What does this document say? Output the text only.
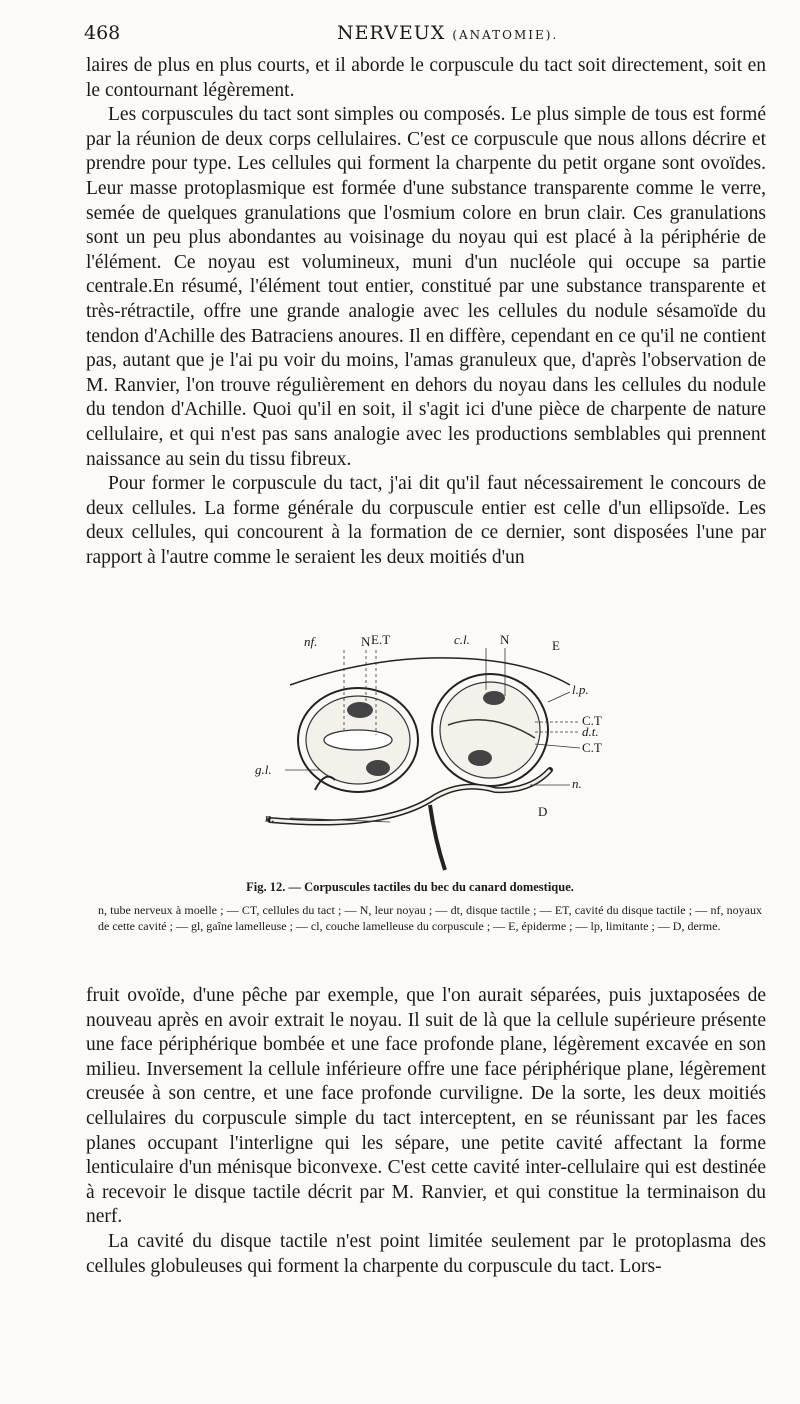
468	NERVEUX (ANATOMIE).

laires de plus en plus courts, et il aborde le corpuscule du tact soit directement, soit en le contournant légèrement.

Les corpuscules du tact sont simples ou composés. Le plus simple de tous est formé par la réunion de deux corps cellulaires. C'est ce corpuscule que nous allons décrire et prendre pour type. Les cellules qui forment la charpente du petit organe sont ovoïdes. Leur masse protoplasmique est formée d'une substance transparente comme le verre, semée de quelques granulations que l'osmium colore en brun clair. Ces granulations sont un peu plus abondantes au voisinage du noyau qui est placé à la périphérie de l'élément. Ce noyau est volumineux, muni d'un nucléole qui occupe sa partie centrale.En résumé, l'élément tout entier, constitué par une substance transparente et très-rétractile, offre une grande analogie avec les cellules du nodule sésamoïde du tendon d'Achille des Batraciens anoures. Il en diffère, cependant en ce qu'il ne contient pas, autant que je l'ai pu voir du moins, l'amas granuleux que, d'après l'observation de M. Ranvier, l'on trouve régulièrement en dehors du noyau dans les cellules du nodule du tendon d'Achille. Quoi qu'il en soit, il s'agit ici d'une pièce de charpente de nature cellulaire, et qui n'est pas sans analogie avec les productions semblables qui prennent naissance au sein du tissu fibreux.

Pour former le corpuscule du tact, j'ai dit qu'il faut nécessairement le concours de deux cellules. La forme générale du corpuscule entier est celle d'un ellipsoïde. Les deux cellules, qui concourent à la formation de ce dernier, sont disposées l'une par rapport à l'autre comme le seraient les deux moitiés d'un

nf.	N E.T	c.l. N	E
l.p.
C.T
d.t.
C.T
g.l.
n.
n.
D
Fig. 12. — Corpuscules tactiles du bec du canard domestique.
n, tube nerveux à moelle ; — CT, cellules du tact ; — N, leur noyau ; — dt, disque tactile ; — ET, cavité du disque tactile ; — nf, noyaux de cette cavité ; — gl, gaîne lamelleuse ; — cl, couche lamelleuse du corpuscule ; — E, épiderme ; — lp, limitante ; — D, derme.

fruit ovoïde, d'une pêche par exemple, que l'on aurait séparées, puis juxtaposées de nouveau après en avoir extrait le noyau. Il suit de là que la cellule supérieure présente une face périphérique bombée et une face profonde plane, légèrement excavée en son milieu. Inversement la cellule inférieure offre une face périphérique plane, légèrement creusée à son centre, et une face profonde curviligne. De la sorte, les deux moitiés cellulaires du corpuscule simple du tact interceptent, en se réunissant par les faces planes occupant l'interligne qui les sépare, une petite cavité affectant la forme lenticulaire d'un ménisque biconvexe. C'est cette cavité inter-cellulaire qui est destinée à recevoir le disque tactile décrit par M. Ranvier, et qui constitue la terminaison du nerf.

La cavité du disque tactile n'est point limitée seulement par le protoplasma des cellules globuleuses qui forment la charpente du corpuscule du tact. Lors-
